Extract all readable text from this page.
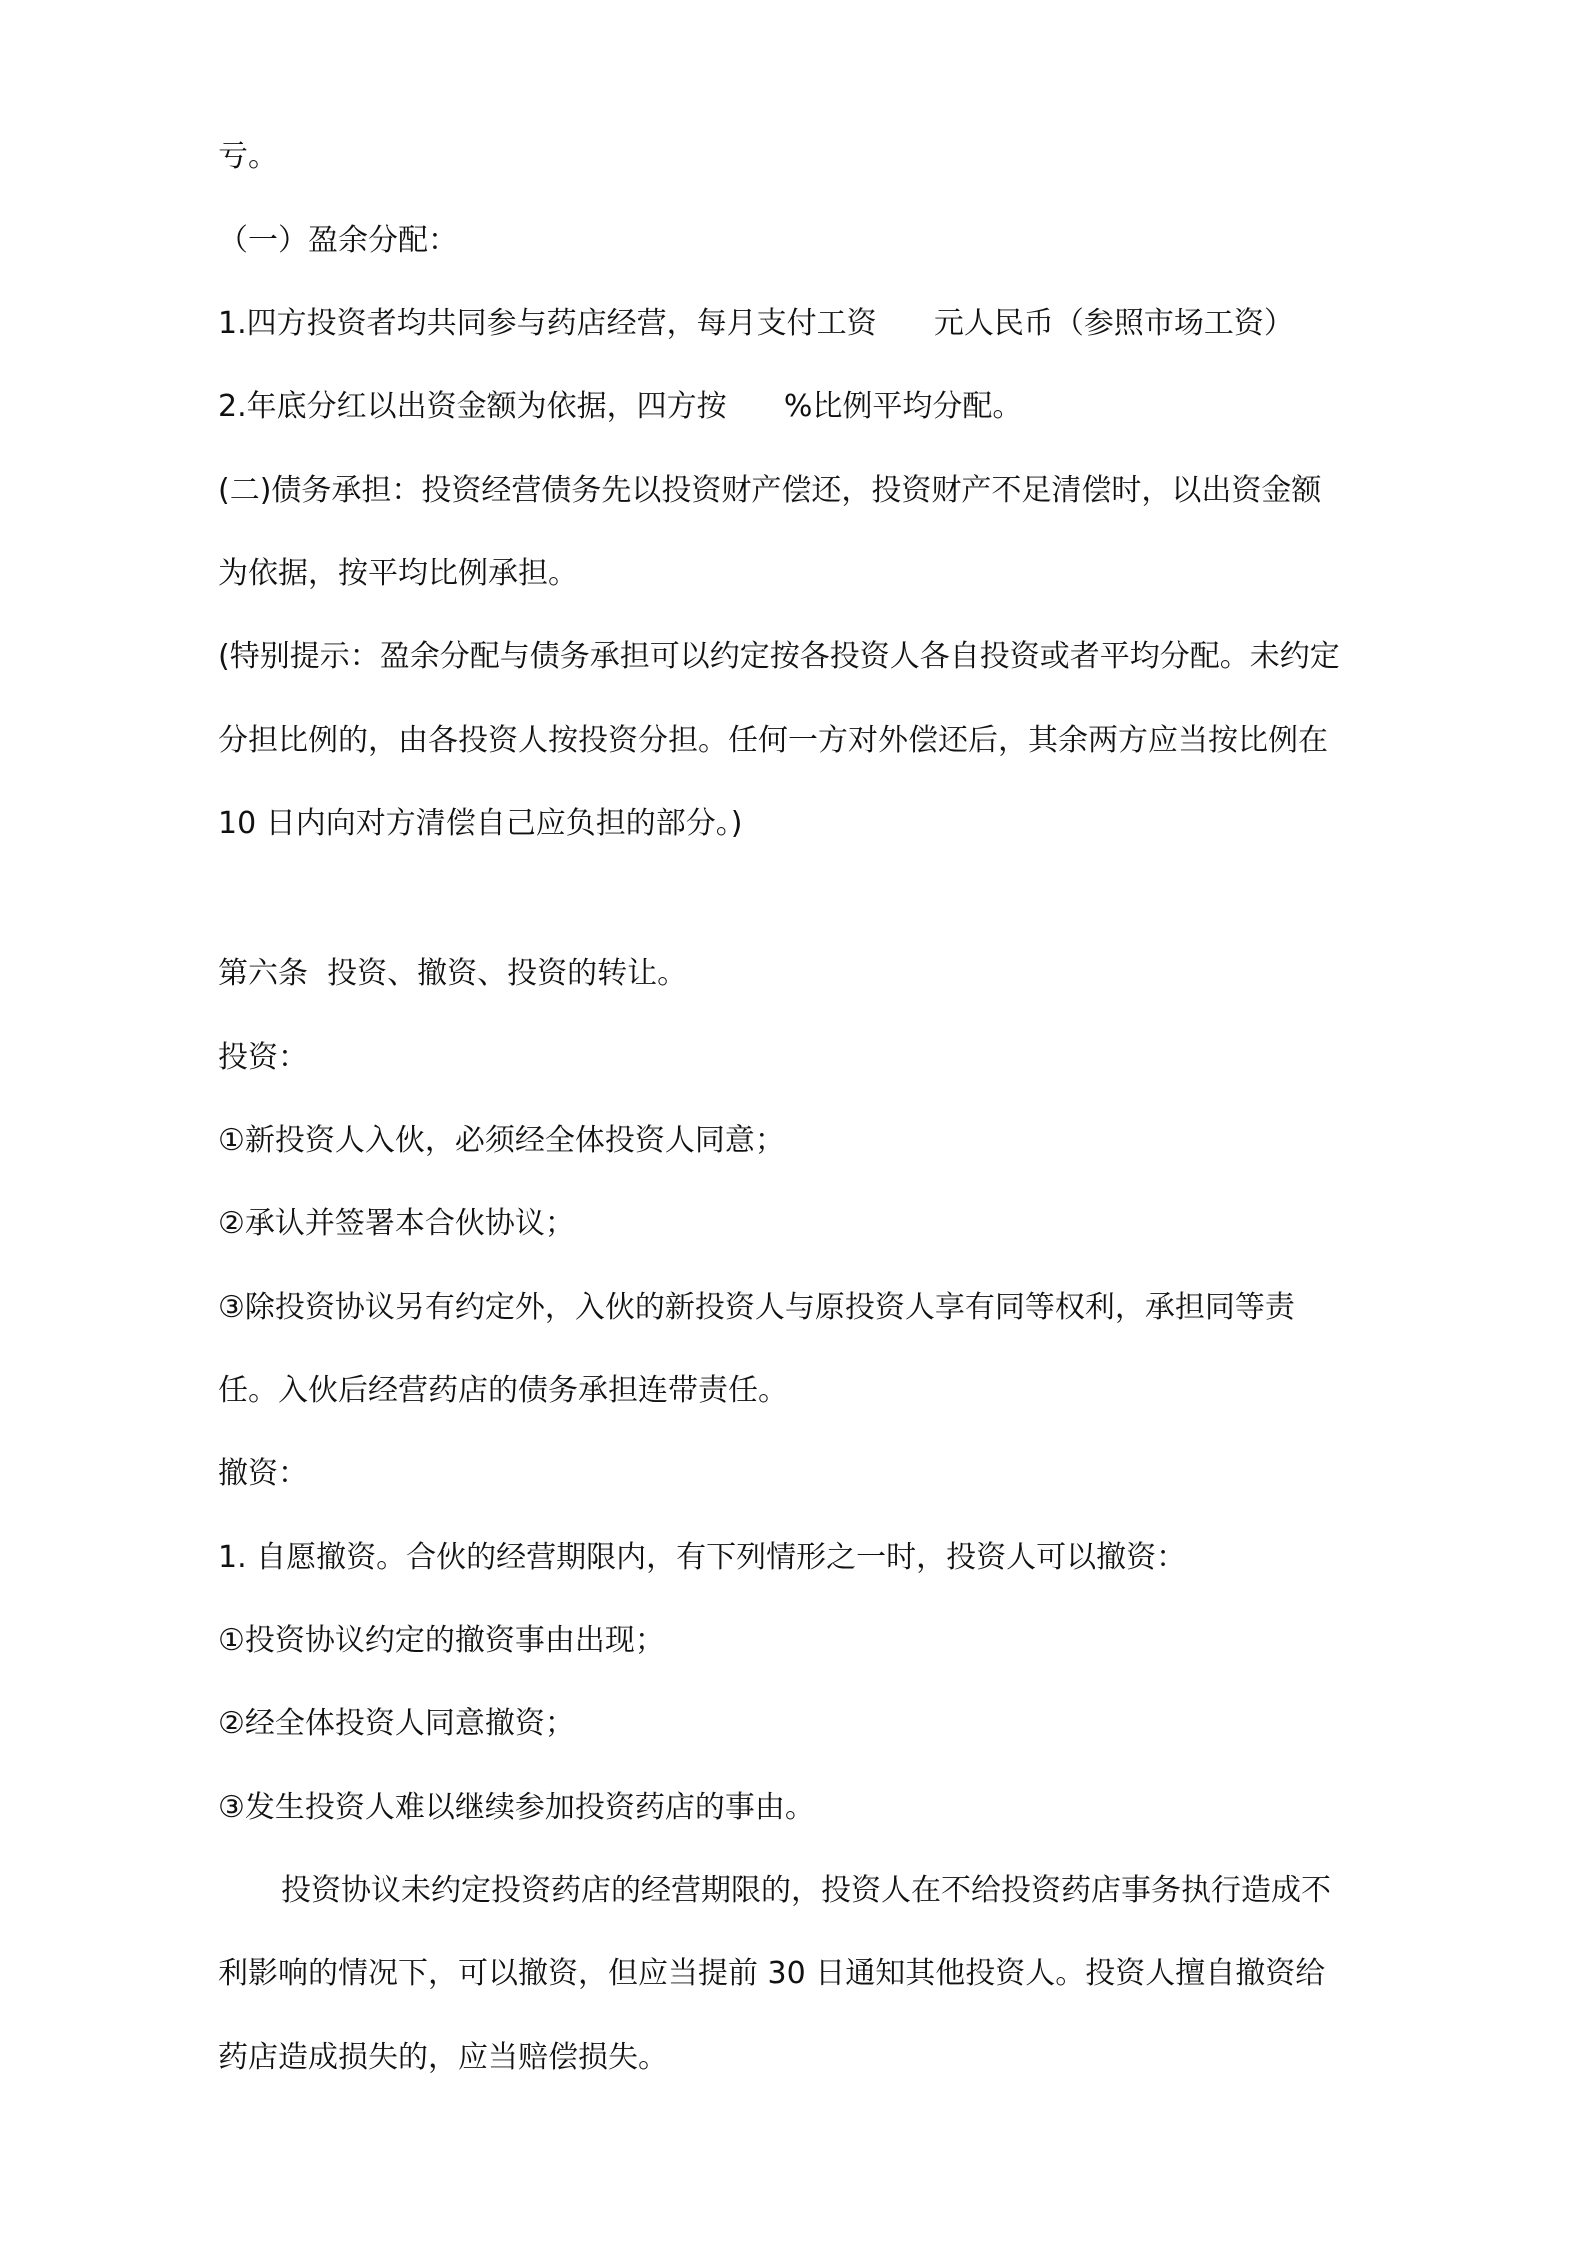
亏。

（一）盈余分配：

1.四方投资者均共同参与药店经营，每月支付工资      元人民币（参照市场工资）

2.年底分红以出资金额为依据，四方按      %比例平均分配。

(二)债务承担：投资经营债务先以投资财产偿还，投资财产不足清偿时，以出资金额

为依据，按平均比例承担。

(特别提示：盈余分配与债务承担可以约定按各投资人各自投资或者平均分配。未约定

分担比例的，由各投资人按投资分担。任何一方对外偿还后，其余两方应当按比例在

10 日内向对方清偿自己应负担的部分。)

第六条  投资、撤资、投资的转让。

投资：

①新投资人入伙，必须经全体投资人同意；

②承认并签署本合伙协议；

③除投资协议另有约定外，入伙的新投资人与原投资人享有同等权利，承担同等责

任。入伙后经营药店的债务承担连带责任。

撤资：

1. 自愿撤资。合伙的经营期限内，有下列情形之一时，投资人可以撤资：

①投资协议约定的撤资事由出现；

②经全体投资人同意撤资；

③发生投资人难以继续参加投资药店的事由。

投资协议未约定投资药店的经营期限的，投资人在不给投资药店事务执行造成不

利影响的情况下，可以撤资，但应当提前 30 日通知其他投资人。投资人擅自撤资给

药店造成损失的，应当赔偿损失。
